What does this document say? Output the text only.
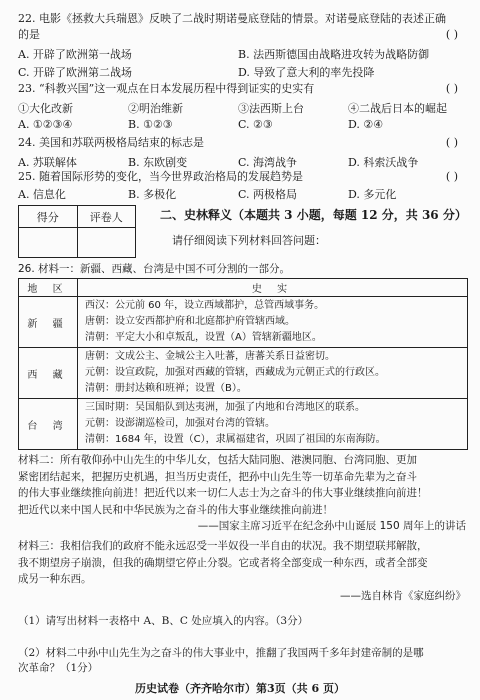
22. 电影《拯救大兵瑞恩》反映了二战时期诺曼底登陆的情景。对诺曼底登陆的表述正确
的是	( )
A. 开辟了欧洲第一战场	B. 法西斯德国由战略进攻转为战略防御
C. 开辟了欧洲第二战场	D. 导致了意大利的率先投降
23. “科教兴国”这一观点在日本发展历程中得到证实的史实有	( )
①大化改新	②明治维新	③法西斯上台	④二战后日本的崛起
A. ①②③④	B. ①②③	C. ②③	D. ②④
24. 美国和苏联两极格局结束的标志是	( )
A. 苏联解体	B. 东欧剧变	C. 海湾战争	D. 科索沃战争
25. 随着国际形势的变化，当今世界政治格局的发展趋势是	( )
A. 信息化	B. 多极化	C. 两极格局	D. 多元化
得分	评卷人
		二、史林释义（本题共 3 小题，每题 12 分，共 36 分）
请仔细阅读下列材料回答问题：
26. 材料一：新疆、西藏、台湾是中国不可分割的一部分。
地 区	史 实
新 疆	西汉：公元前 60 年，设立西域都护，总管西域事务。
唐朝：设立安西都护府和北庭都护府管辖西域。
清朝：平定大小和卓叛乱，设置（A）管辖新疆地区。

西 藏	唐朝：文成公主、金城公主入吐蕃，唐蕃关系日益密切。
元朝：设宣政院，加强对西藏的管辖，西藏成为元朝正式的行政区。
清朝：册封达赖和班禅；设置（B）。

台 湾	三国时期：吴国船队到达夷洲，加强了内地和台湾地区的联系。
元朝：设澎湖巡检司，加强对台湾的管辖。
清朝：1684 年，设置（C），隶属福建省，巩固了祖国的东南海防。
材料二：所有敬仰孙中山先生的中华儿女，包括大陆同胞、港澳同胞、台湾同胞、更加
紧密团结起来，把握历史机遇，担当历史责任，把孙中山先生等一切革命先辈为之奋斗
的伟大事业继续推向前进！把近代以来一切仁人志士为之奋斗的伟大事业继续推向前进！
把近代以来中国人民和中华民族为之奋斗的伟大事业继续推向前进！
——国家主席习近平在纪念孙中山诞辰 150 周年上的讲话
材料三：我相信我们的政府不能永远忍受一半奴役一半自由的状况。我不期望联邦解散，
我不期望房子崩溃，但我的确期望它停止分裂。它或者将全部变成一种东西，或者全部变
成另一种东西。
——选自林肯《家庭纠纷》
（1）请写出材料一表格中 A、B、C 处应填入的内容。（3分）
（2）材料二中孙中山先生为之奋斗的伟大事业中，推翻了我国两千多年封建帝制的是哪
次革命？（1分）
历史试卷（齐齐哈尔市）第3页（共 6 页）
